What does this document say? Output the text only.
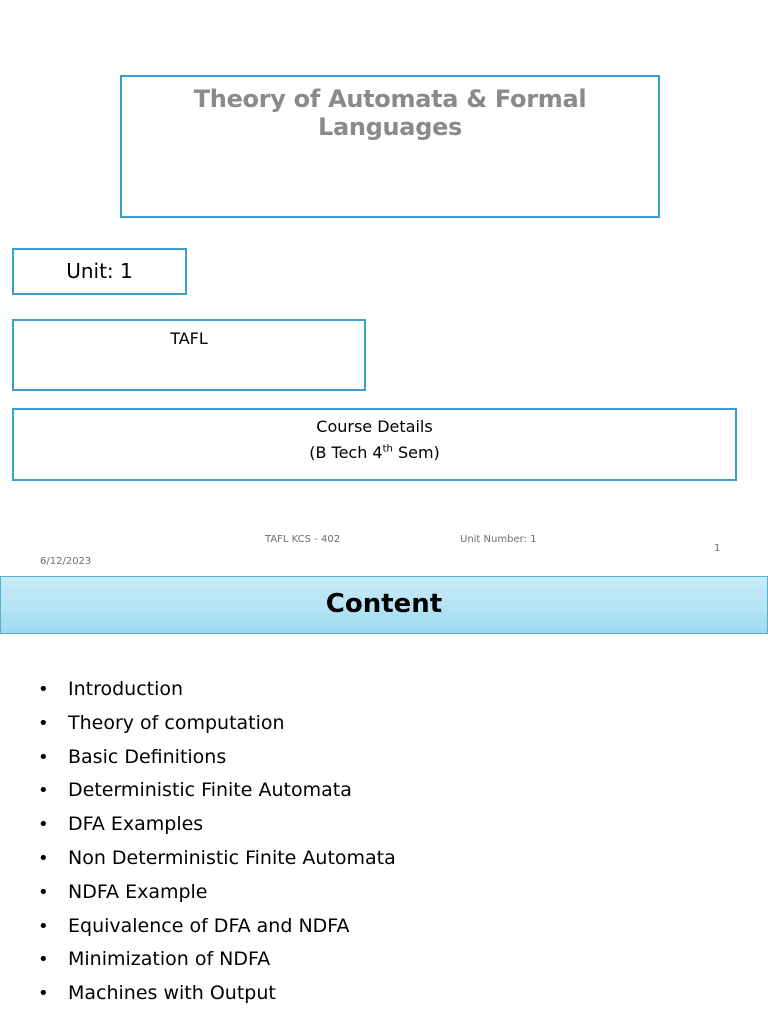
Theory of Automata & Formal Languages
Unit: 1
TAFL
Course Details
(B Tech 4th Sem)
TAFL KCS - 402	Unit Number: 1
1
6/12/2023
Content
• Introduction
• Theory of computation
• Basic Definitions
• Deterministic Finite Automata
• DFA Examples
• Non Deterministic Finite Automata
• NDFA Example
• Equivalence of DFA and NDFA
• Minimization of NDFA
• Machines with Output
